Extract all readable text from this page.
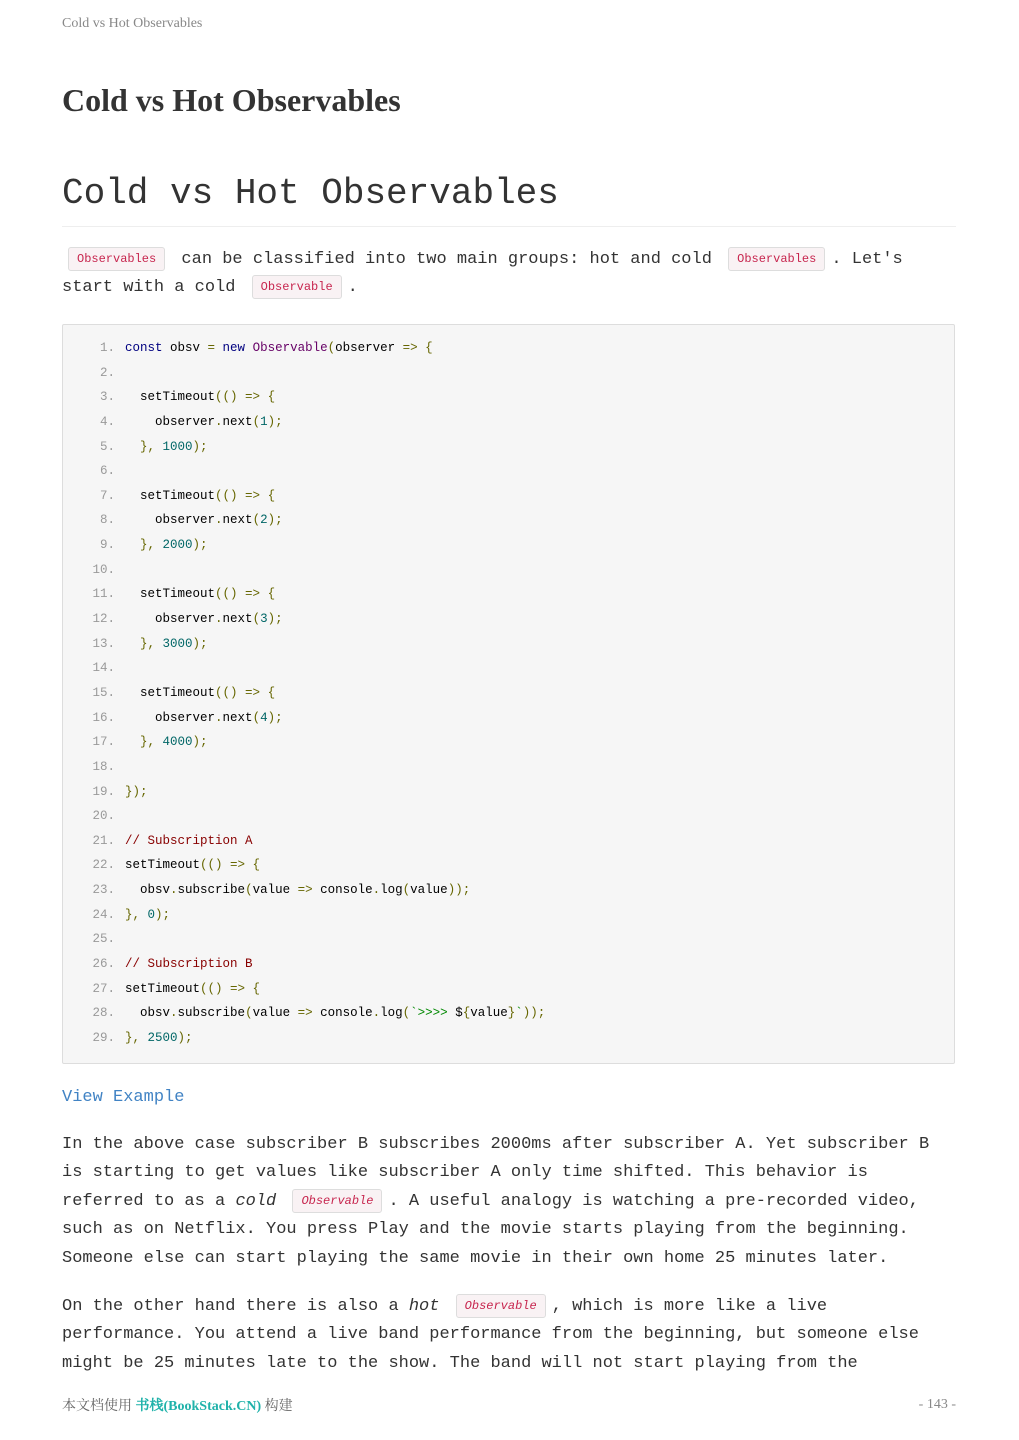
Cold vs Hot Observables
Cold vs Hot Observables
Cold vs Hot Observables

Observables can be classified into two main groups: hot and cold Observables . Let's start with a cold Observable .

1. const obsv = new Observable(observer => {
2.
3. setTimeout(() => {
4.	observer.next(1);
5. }, 1000);
6.
7. setTimeout(() => {
8.	observer.next(2);
9. }, 2000);
10.
11. setTimeout(() => {
12.	observer.next(3);
13. }, 3000);
14.
15. setTimeout(() => {
16.	observer.next(4);
17. }, 4000);
18.
19. });
20.
21. // Subscription A
22. setTimeout(() => {
23. obsv.subscribe(value => console.log(value));
24. }, 0);
25.
26. // Subscription B
27. setTimeout(() => {
28. obsv.subscribe(value => console.log(`>>>> ${value}`));
29. }, 2500);
View Example

In the above case subscriber B subscribes 2000ms after subscriber A. Yet subscriber B is starting to get values like subscriber A only time shifted. This behavior is referred to as a cold Observable . A useful analogy is watching a pre-recorded video, such as on Netflix. You press Play and the movie starts playing from the beginning. Someone else can start playing the same movie in their own home 25 minutes later.

On the other hand there is also a hot Observable , which is more like a live performance. You attend a live band performance from the beginning, but someone else might be 25 minutes late to the show. The band will not start playing from the

本文档使用 书栈(BookStack.CN) 构建	- 143 -
